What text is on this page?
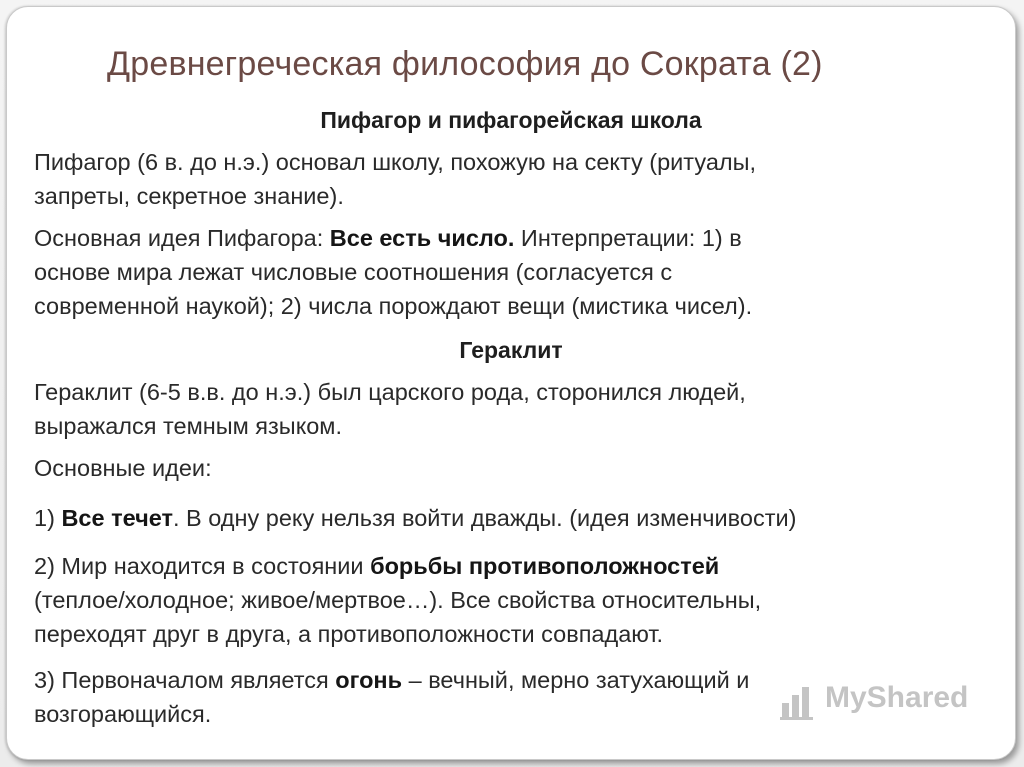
Древнегреческая философия до Сократа (2)
Пифагор и пифагорейская школа
Пифагор (6 в. до н.э.) основал школу, похожую на секту (ритуалы,
запреты, секретное знание).
Основная идея Пифагора: Все есть число. Интерпретации: 1) в
основе мира лежат числовые соотношения (согласуется с
современной наукой); 2) числа порождают вещи (мистика чисел).
Гераклит
Гераклит (6-5 в.в. до н.э.) был царского рода, сторонился людей,
выражался темным языком.
Основные идеи:
1) Все течет. В одну реку нельзя войти дважды. (идея изменчивости)
2) Мир находится в состоянии борьбы противоположностей
(теплое/холодное; живое/мертвое…). Все свойства относительны,
переходят друг в друга, а противоположности совпадают.
3) Первоначалом является огонь – вечный, мерно затухающий и
возгорающийся.	MyShared
